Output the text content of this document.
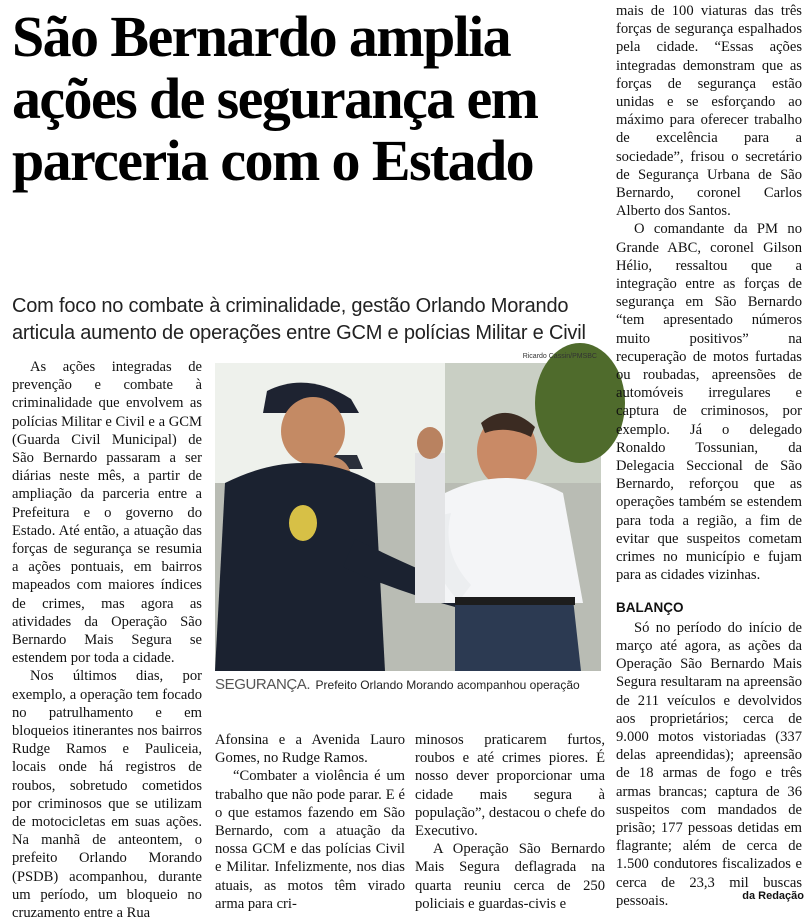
São Bernardo amplia ações de segurança em parceria com o Estado

Com foco no combate à criminalidade, gestão Orlando Morando articula aumento de operações entre GCM e polícias Militar e Civil

As ações integradas de prevenção e combate à criminalidade que envolvem as polícias Militar e Civil e a GCM (Guarda Civil Municipal) de São Bernardo passaram a ser diárias neste mês, a partir de ampliação da parceria entre a Prefeitura e o governo do Estado. Até então, a atuação das forças de segurança se resumia a ações pontuais, em bairros mapeados com maiores índices de crimes, mas agora as atividades da Operação São Bernardo Mais Segura se estendem por toda a cidade.

Nos últimos dias, por exemplo, a operação tem focado no patrulhamento e em bloqueios itinerantes nos bairros Rudge Ramos e Pauliceia, locais onde há registros de roubos, sobretudo cometidos por criminosos que se utilizam de motocicletas em suas ações. Na manhã de anteontem, o prefeito Orlando Morando (PSDB) acompanhou, durante um período, um bloqueio no cruzamento entre a Rua

Ricardo Cassin/PMSBC
SEGURANÇA. Prefeito Orlando Morando acompanhou operação

Afonsina e a Avenida Lauro Gomes, no Rudge Ramos.

“Combater a violência é um trabalho que não pode parar. E é o que estamos fazendo em São Bernardo, com a atuação da nossa GCM e das polícias Civil e Militar. Infelizmente, nos dias atuais, as motos têm virado arma para cri-

minosos praticarem furtos, roubos e até crimes piores. É nosso dever proporcionar uma cidade mais segura à população”, destacou o chefe do Executivo.

A Operação São Bernardo Mais Segura deflagrada na quarta reuniu cerca de 250 policiais e guardas-civis e

mais de 100 viaturas das três forças de segurança espalhados pela cidade. “Essas ações integradas demonstram que as forças de segurança estão unidas e se esforçando ao máximo para oferecer trabalho de excelência para a sociedade”, frisou o secretário de Segurança Urbana de São Bernardo, coronel Carlos Alberto dos Santos.

O comandante da PM no Grande ABC, coronel Gilson Hélio, ressaltou que a integração entre as forças de segurança em São Bernardo “tem apresentado números muito positivos” na recuperação de motos furtadas ou roubadas, apreensões de automóveis irregulares e captura de criminosos, por exemplo. Já o delegado Ronaldo Tossunian, da Delegacia Seccional de São Bernardo, reforçou que as operações também se estendem para toda a região, a fim de evitar que suspeitos cometam crimes no município e fujam para as cidades vizinhas.

BALANÇO

Só no período do início de março até agora, as ações da Operação São Bernardo Mais Segura resultaram na apreensão de 211 veículos e devolvidos aos proprietários; cerca de 9.000 motos vistoriadas (337 delas apreendidas); apreensão de 18 armas de fogo e três armas brancas; captura de 36 suspeitos com mandados de prisão; 177 pessoas detidas em flagrante; além de cerca de 1.500 condutores fiscalizados e cerca de 23,3 mil buscas pessoais.	da Redação
